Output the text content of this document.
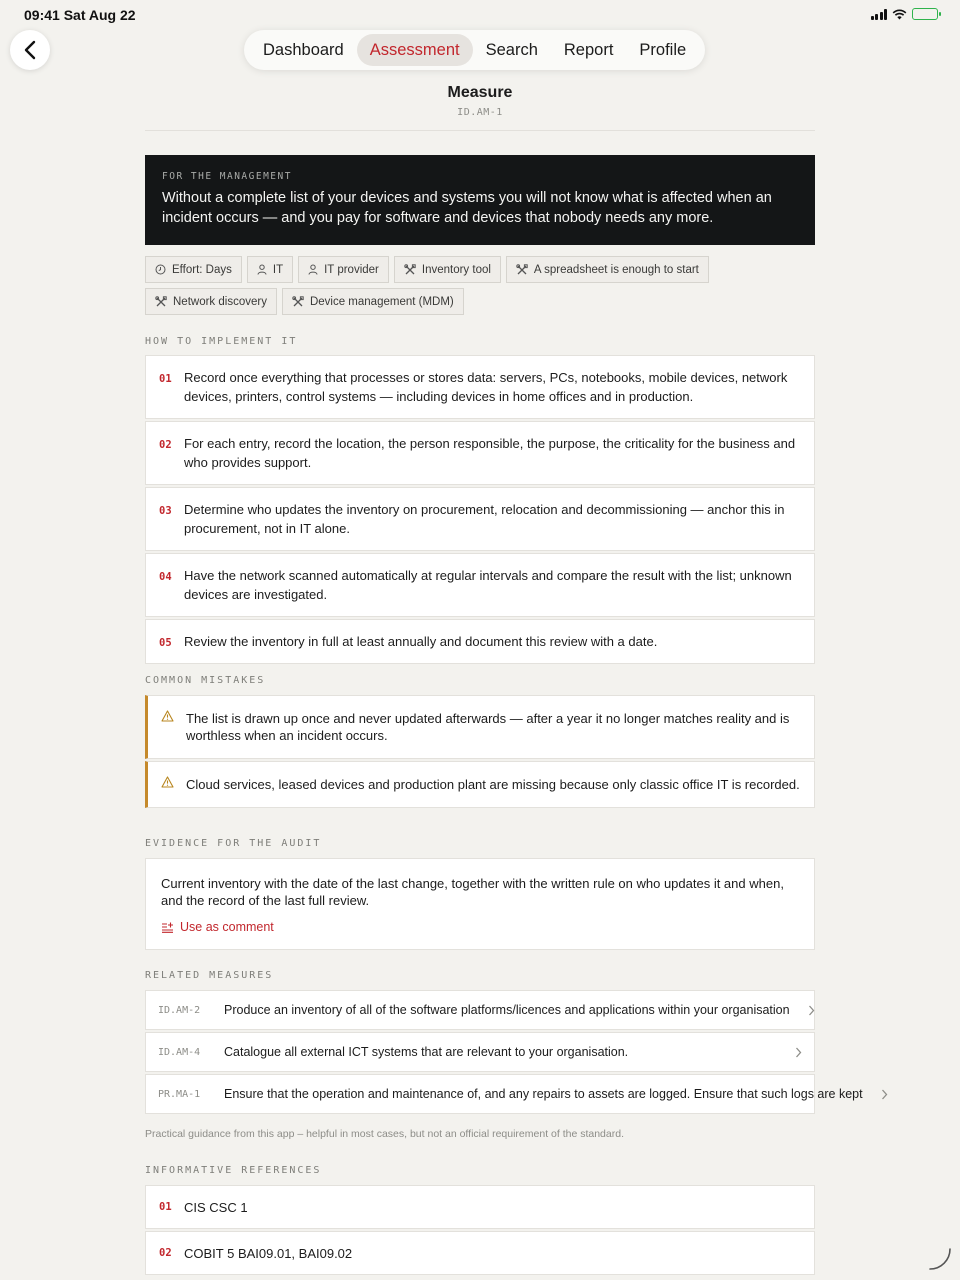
09:41 Sat Aug 22
Dashboard	Assessment	Search	Report	Profile
Measure
ID.AM-1
FOR THE MANAGEMENT
Without a complete list of your devices and systems you will not know what is affected when an incident occurs — and you pay for software and devices that nobody needs any more.
Effort: Days	IT	IT provider	Inventory tool	A spreadsheet is enough to start
Network discovery	Device management (MDM)
HOW TO IMPLEMENT IT
01 Record once everything that processes or stores data: servers, PCs, notebooks, mobile devices, network devices, printers, control systems — including devices in home offices and in production.
02 For each entry, record the location, the person responsible, the purpose, the criticality for the business and who provides support.
03 Determine who updates the inventory on procurement, relocation and decommissioning — anchor this in procurement, not in IT alone.
04 Have the network scanned automatically at regular intervals and compare the result with the list; unknown devices are investigated.
05 Review the inventory in full at least annually and document this review with a date.
COMMON MISTAKES
The list is drawn up once and never updated afterwards — after a year it no longer matches reality and is worthless when an incident occurs.
Cloud services, leased devices and production plant are missing because only classic office IT is recorded.
EVIDENCE FOR THE AUDIT
Current inventory with the date of the last change, together with the written rule on who updates it and when, and the record of the last full review.
Use as comment
RELATED MEASURES
ID.AM-2	Produce an inventory of all of the software platforms/licences and applications within your organisation
ID.AM-4	Catalogue all external ICT systems that are relevant to your organisation.
PR.MA-1	Ensure that the operation and maintenance of, and any repairs to assets are logged. Ensure that such logs are kept
Practical guidance from this app – helpful in most cases, but not an official requirement of the standard.
INFORMATIVE REFERENCES
01 CIS CSC 1
02 COBIT 5 BAI09.01, BAI09.02
